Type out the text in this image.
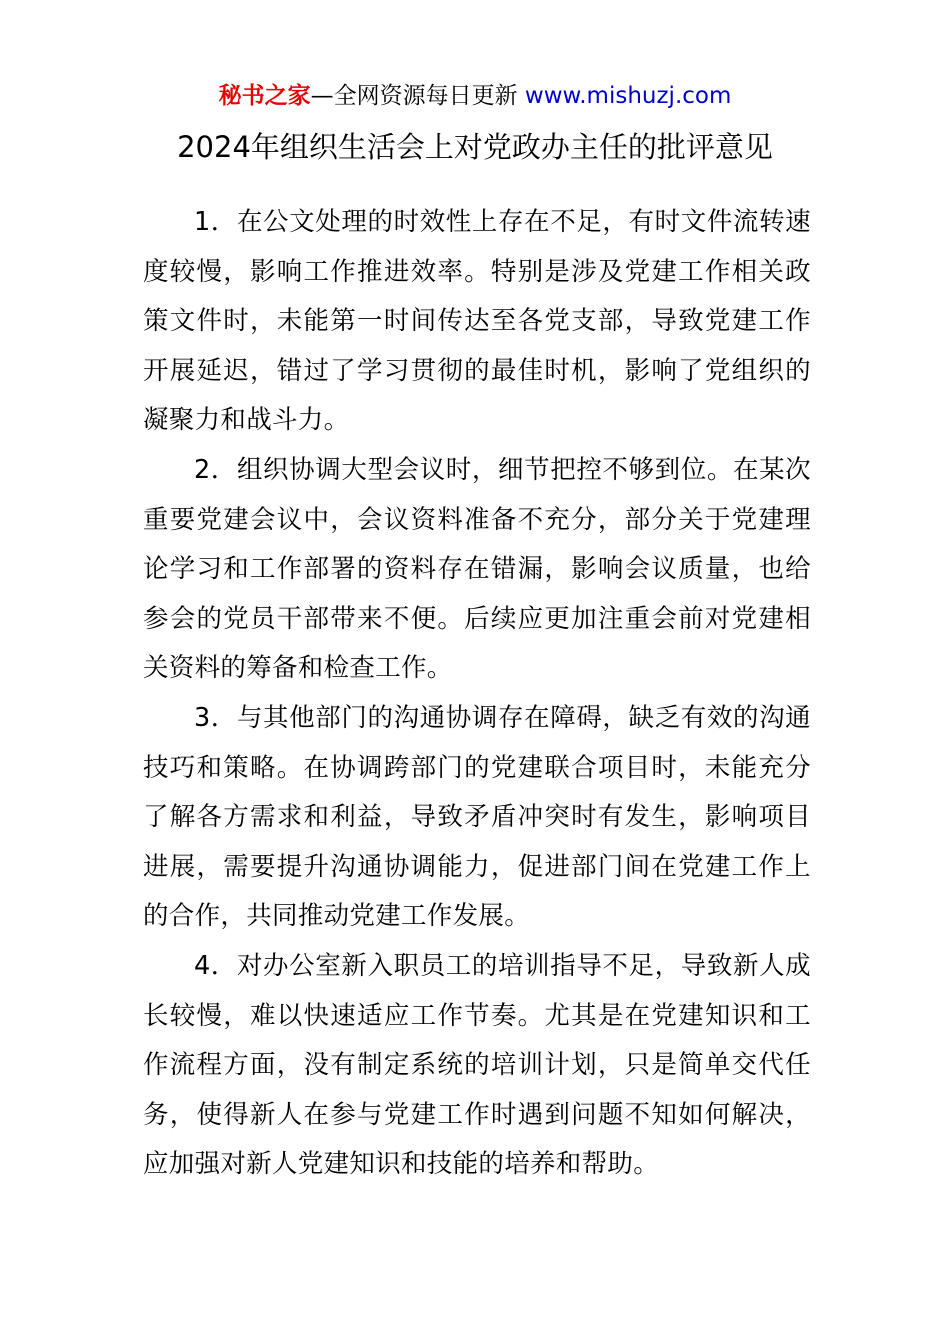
秘书之家—全网资源每日更新 www.mishuzj.com
2024年组织生活会上对党政办主任的批评意见

1．在公文处理的时效性上存在不足，有时文件流转速度较慢，影响工作推进效率。特别是涉及党建工作相关政策文件时，未能第一时间传达至各党支部，导致党建工作开展延迟，错过了学习贯彻的最佳时机，影响了党组织的凝聚力和战斗力。

2．组织协调大型会议时，细节把控不够到位。在某次重要党建会议中，会议资料准备不充分，部分关于党建理论学习和工作部署的资料存在错漏，影响会议质量，也给参会的党员干部带来不便。后续应更加注重会前对党建相关资料的筹备和检查工作。

3．与其他部门的沟通协调存在障碍，缺乏有效的沟通技巧和策略。在协调跨部门的党建联合项目时，未能充分了解各方需求和利益，导致矛盾冲突时有发生，影响项目进展，需要提升沟通协调能力，促进部门间在党建工作上的合作，共同推动党建工作发展。

4．对办公室新入职员工的培训指导不足，导致新人成长较慢，难以快速适应工作节奏。尤其是在党建知识和工作流程方面，没有制定系统的培训计划，只是简单交代任务，使得新人在参与党建工作时遇到问题不知如何解决，应加强对新人党建知识和技能的培养和帮助。
